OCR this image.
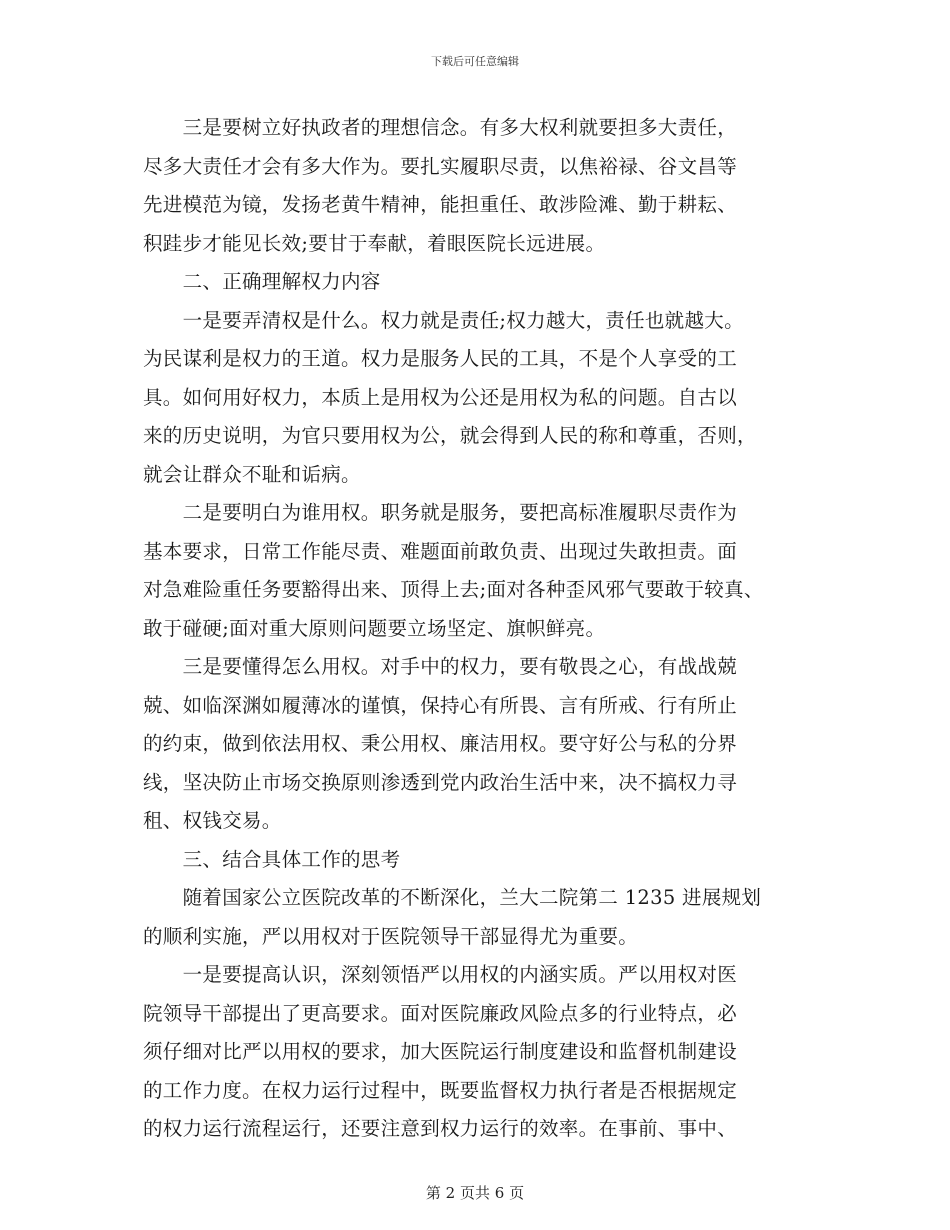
下载后可任意编辑
　　三是要树立好执政者的理想信念。有多大权利就要担多大责任，
尽多大责任才会有多大作为。要扎实履职尽责，以焦裕禄、谷文昌等
先进模范为镜，发扬老黄牛精神，能担重任、敢涉险滩、勤于耕耘、
积跬步才能见长效;要甘于奉献，着眼医院长远进展。
　　二、正确理解权力内容
　　一是要弄清权是什么。权力就是责任;权力越大，责任也就越大。
为民谋利是权力的王道。权力是服务人民的工具，不是个人享受的工
具。如何用好权力，本质上是用权为公还是用权为私的问题。自古以
来的历史说明，为官只要用权为公，就会得到人民的称和尊重，否则，
就会让群众不耻和诟病。
　　二是要明白为谁用权。职务就是服务，要把高标准履职尽责作为
基本要求，日常工作能尽责、难题面前敢负责、出现过失敢担责。面
对急难险重任务要豁得出来、顶得上去;面对各种歪风邪气要敢于较真、
敢于碰硬;面对重大原则问题要立场坚定、旗帜鲜亮。
　　三是要懂得怎么用权。对手中的权力，要有敬畏之心，有战战兢
兢、如临深渊如履薄冰的谨慎，保持心有所畏、言有所戒、行有所止
的约束，做到依法用权、秉公用权、廉洁用权。要守好公与私的分界
线，坚决防止市场交换原则渗透到党内政治生活中来，决不搞权力寻
租、权钱交易。
　　三、结合具体工作的思考
　　随着国家公立医院改革的不断深化，兰大二院第二 1235 进展规划
的顺利实施，严以用权对于医院领导干部显得尤为重要。
　　一是要提高认识，深刻领悟严以用权的内涵实质。严以用权对医
院领导干部提出了更高要求。面对医院廉政风险点多的行业特点，必
须仔细对比严以用权的要求，加大医院运行制度建设和监督机制建设
的工作力度。在权力运行过程中，既要监督权力执行者是否根据规定
的权力运行流程运行，还要注意到权力运行的效率。在事前、事中、
第 2 页共 6 页
